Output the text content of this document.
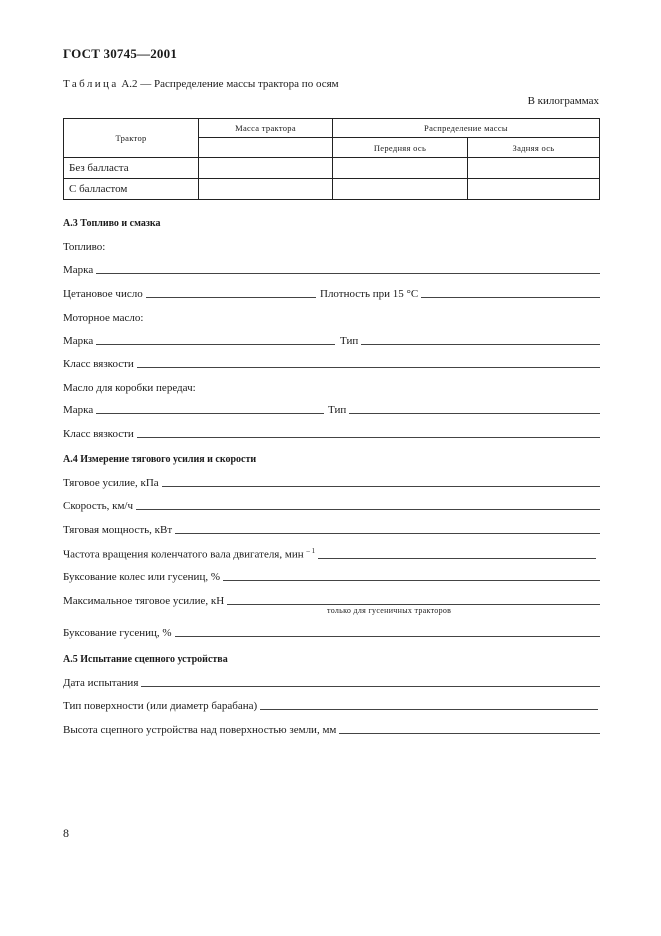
ГОСТ 30745—2001
Таблица А.2 — Распределение массы трактора по осям
В килограммах
Трактор	Масса трактора	Распределение массы	
		Передняя ось	Задняя ось
Без балласта			
С балластом			
А.3 Топливо и смазка
Топливо:
Марка
Цетановое число	Плотность при 15 °С
Моторное масло:
Марка	Тип
Класс вязкости
Масло для коробки передач:
Марка	Тип
Класс вязкости
А.4 Измерение тягового усилия и скорости
Тяговое усилие, кПа
Скорость, км/ч
Тяговая мощность, кВт
Частота вращения коленчатого вала двигателя, мин $^{- 1}$
Буксование колес или гусениц, %
Максимальное тяговое усилие, кН
только для гусеничных тракторов
Буксование гусениц, %
А.5 Испытание сцепного устройства
Дата испытания
Тип поверхности (или диаметр барабана)
Высота сцепного устройства над поверхностью земли, мм
8
